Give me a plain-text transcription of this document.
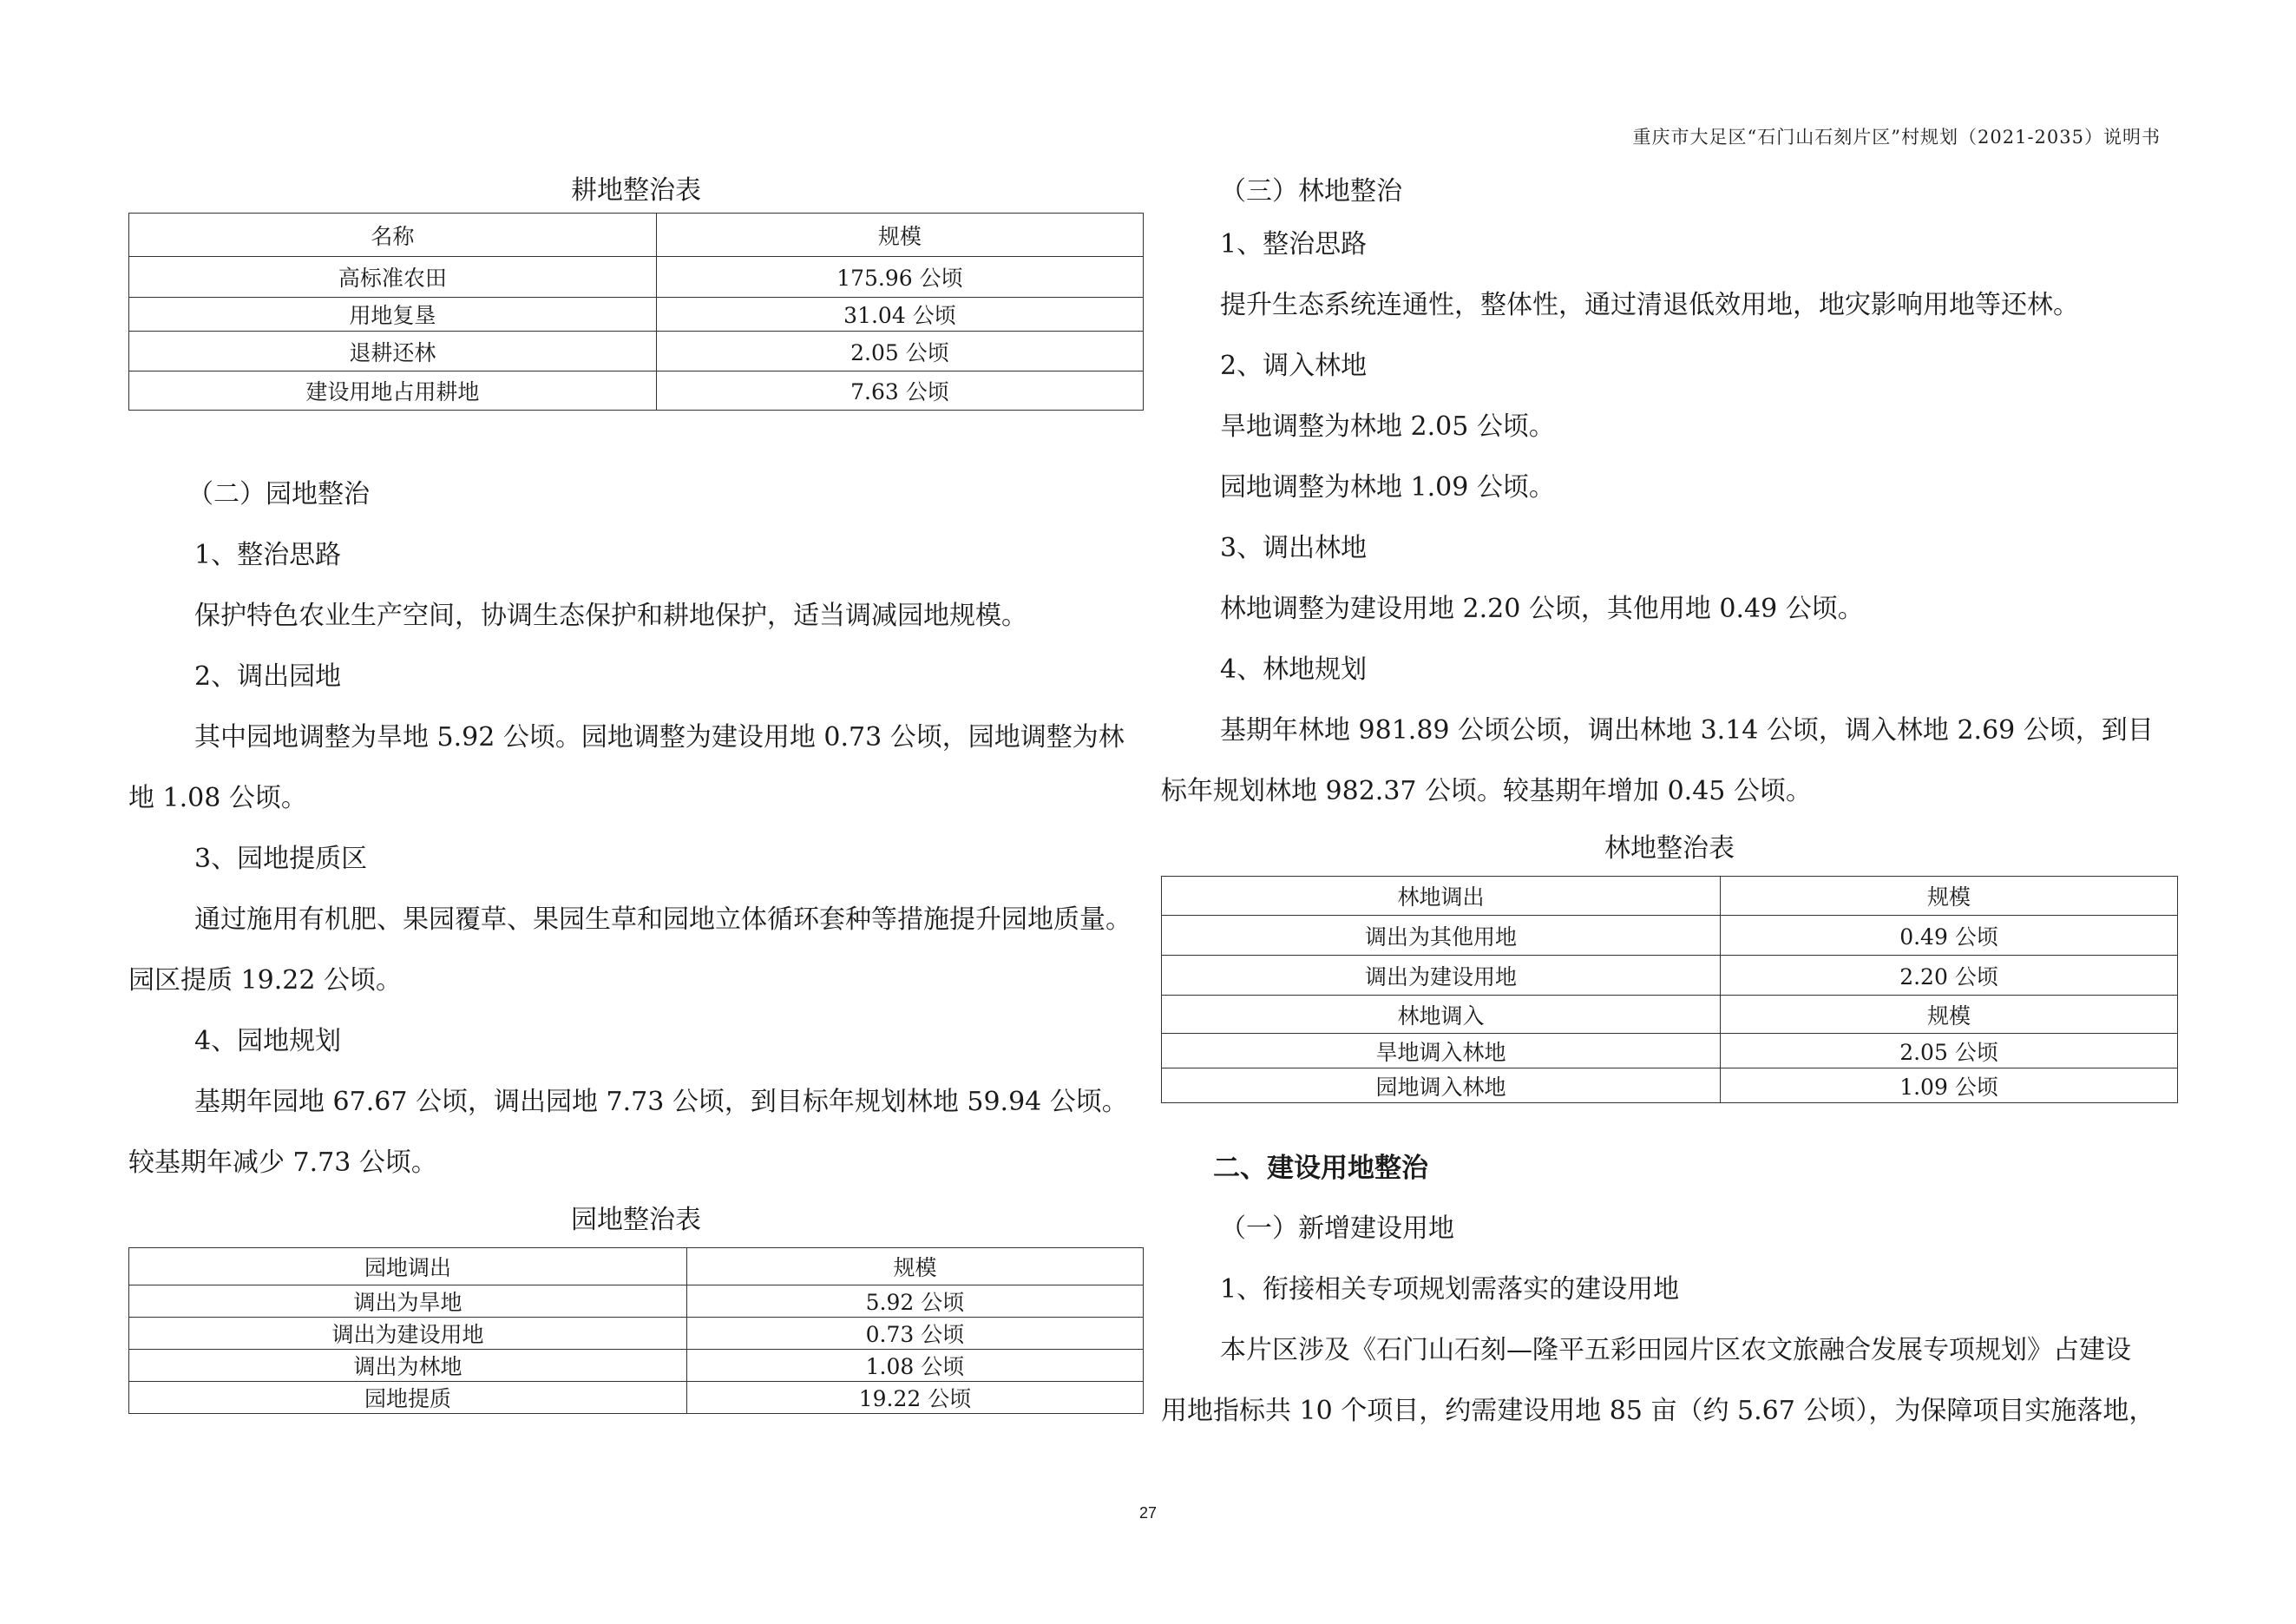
重庆市大足区“石门山石刻片区”村规划（2021-2035）说明书

耕地整治表

名称	规模
高标准农田	175.96 公顷
用地复垦	31.04 公顷
退耕还林	2.05 公顷
建设用地占用耕地	7.63 公顷

（二）园地整治

1、整治思路

保护特色农业生产空间，协调生态保护和耕地保护，适当调减园地规模。

2、调出园地

其中园地调整为旱地 5.92 公顷。园地调整为建设用地 0.73 公顷，园地调整为林

地 1.08 公顷。

3、园地提质区

通过施用有机肥、果园覆草、果园生草和园地立体循环套种等措施提升园地质量。

园区提质 19.22 公顷。

4、园地规划

基期年园地 67.67 公顷，调出园地 7.73 公顷，到目标年规划林地 59.94 公顷。

较基期年减少 7.73 公顷。

园地整治表

园地调出	规模
调出为旱地	5.92 公顷
调出为建设用地	0.73 公顷
调出为林地	1.08 公顷
园地提质	19.22 公顷

（三）林地整治

1、整治思路

提升生态系统连通性，整体性，通过清退低效用地，地灾影响用地等还林。

2、调入林地

旱地调整为林地 2.05 公顷。

园地调整为林地 1.09 公顷。

3、调出林地

林地调整为建设用地 2.20 公顷，其他用地 0.49 公顷。

4、林地规划

基期年林地 981.89 公顷公顷，调出林地 3.14 公顷，调入林地 2.69 公顷，到目

标年规划林地 982.37 公顷。较基期年增加 0.45 公顷。

林地整治表

林地调出	规模
调出为其他用地	0.49 公顷
调出为建设用地	2.20 公顷
林地调入	规模
旱地调入林地	2.05 公顷
园地调入林地	1.09 公顷

二、建设用地整治

（一）新增建设用地

1、衔接相关专项规划需落实的建设用地

本片区涉及《石门山石刻—隆平五彩田园片区农文旅融合发展专项规划》占建设

用地指标共 10 个项目，约需建设用地 85 亩（约 5.67 公顷），为保障项目实施落地，

27
